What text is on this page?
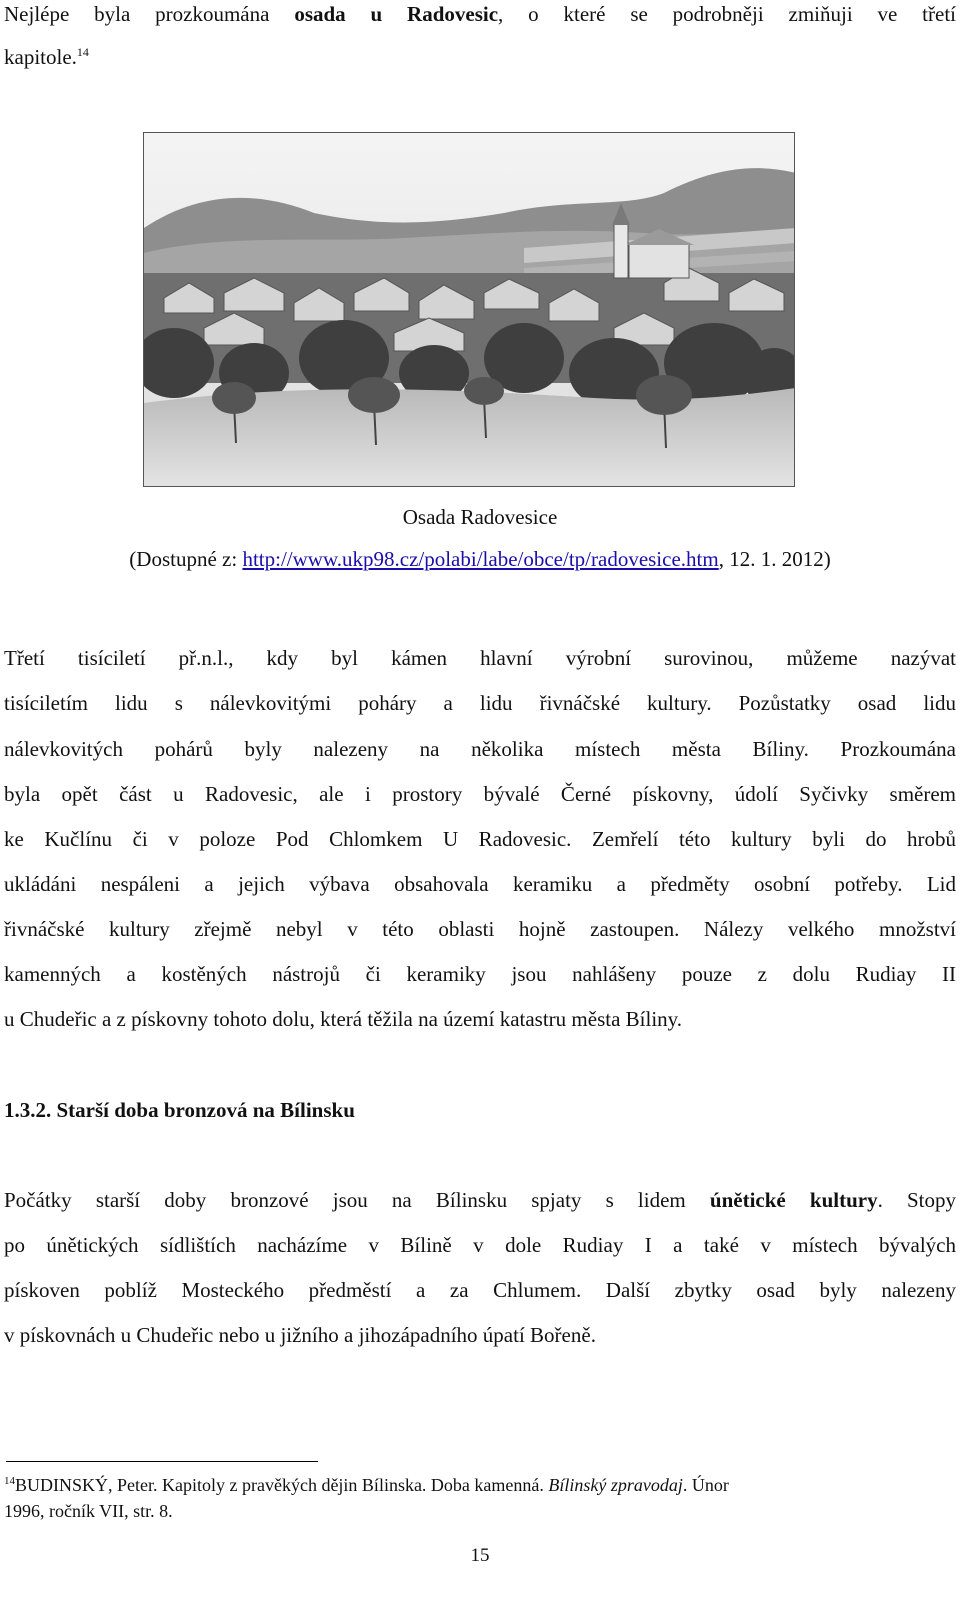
Nejlépe byla prozkoumána osada u Radovesic, o které se podrobněji zmiňuji ve třetí
kapitole.$^{14}$
Osada Radovesice
(Dostupné z: http://www.ukp98.cz/polabi/labe/obce/tp/radovesice.htm, 12. 1. 2012)
Třetí tisíciletí př.n.l., kdy byl kámen hlavní výrobní surovinou, můžeme nazývat
tisíciletím lidu s nálevkovitými poháry a lidu řivnáčské kultury. Pozůstatky osad lidu
nálevkovitých pohárů byly nalezeny na několika místech města Bíliny. Prozkoumána
byla opět část u Radovesic, ale i prostory bývalé Černé pískovny, údolí Syčivky směrem
ke Kučlínu či v poloze Pod Chlomkem U Radovesic. Zemřelí této kultury byli do hrobů
ukládáni nespáleni a jejich výbava obsahovala keramiku a předměty osobní potřeby. Lid
řivnáčské kultury zřejmě nebyl v této oblasti hojně zastoupen. Nálezy velkého množství
kamenných a kostěných nástrojů či keramiky jsou nahlášeny pouze z dolu Rudiay II
u Chudeřic a z pískovny tohoto dolu, která těžila na území katastru města Bíliny.
1.3.2. Starší doba bronzová na Bílinsku
Počátky starší doby bronzové jsou na Bílinsku spjaty s lidem únětické kultury. Stopy
po únětických sídlištích nacházíme v Bílině v dole Rudiay I a také v místech bývalých
pískoven poblíž Mosteckého předměstí a za Chlumem. Další zbytky osad byly nalezeny
v pískovnách u Chudeřic nebo u jižního a jihozápadního úpatí Bořeně.
$^{14}$BUDINSKÝ, Peter. Kapitoly z pravěkých dějin Bílinska. Doba kamenná. Bílinský zpravodaj. Únor
1996, ročník VII, str. 8.
15
